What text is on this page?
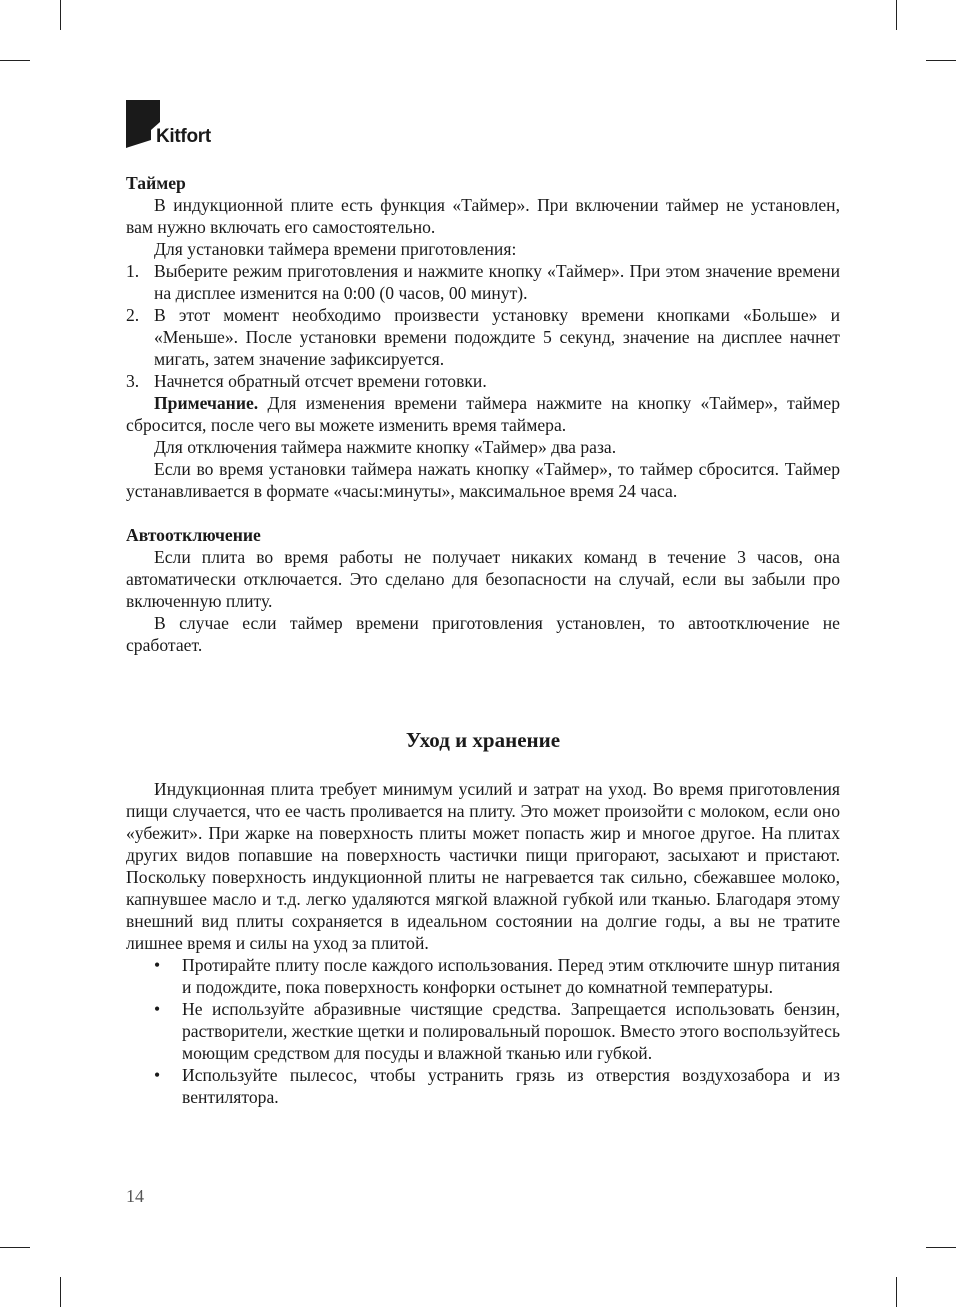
Kitfort

Таймер

В индукционной плите есть функция «Таймер». При включении таймер не установлен, вам нужно включать его самостоятельно.

Для установки таймера времени приготовления:

1. Выберите режим приготовления и нажмите кнопку «Таймер». При этом значение времени на дисплее изменится на 0:00 (0 часов, 00 минут).
2. В этот момент необходимо произвести установку времени кнопками «Больше» и «Меньше». После установки времени подождите 5 секунд, значение на дисплее начнет мигать, затем значение зафиксируется.
3. Начнется обратный отсчет времени готовки.

Примечание. Для изменения времени таймера нажмите на кнопку «Таймер», таймер сбросится, после чего вы можете изменить время таймера.

Для отключения таймера нажмите кнопку «Таймер» два раза.

Если во время установки таймера нажать кнопку «Таймер», то таймер сбросится. Таймер устанавливается в формате «часы:минуты», максимальное время 24 часа.

Автоотключение

Если плита во время работы не получает никаких команд в течение 3 часов, она автоматически отключается. Это сделано для безопасности на случай, если вы забыли про включенную плиту.

В случае если таймер времени приготовления установлен, то автоотключение не сработает.

Уход и хранение

Индукционная плита требует минимум усилий и затрат на уход. Во время приготовления пищи случается, что ее часть проливается на плиту. Это может произойти с молоком, если оно «убежит». При жарке на поверхность плиты может попасть жир и многое другое. На плитах других видов попавшие на поверхность частички пищи пригорают, засыхают и пристают. Поскольку поверхность индукционной плиты не нагревается так сильно, сбежавшее молоко, капнувшее масло и т.д. легко удаляются мягкой влажной губкой или тканью. Благодаря этому внешний вид плиты сохраняется в идеальном состоянии на долгие годы, а вы не тратите лишнее время и силы на уход за плитой.

• Протирайте плиту после каждого использования. Перед этим отключите шнур питания и подождите, пока поверхность конфорки остынет до комнатной температуры.
• Не используйте абразивные чистящие средства. Запрещается использовать бензин, растворители, жесткие щетки и полировальный порошок. Вместо этого воспользуйтесь моющим средством для посуды и влажной тканью или губкой.
• Используйте пылесос, чтобы устранить грязь из отверстия воздухозабора и из вентилятора.
14
